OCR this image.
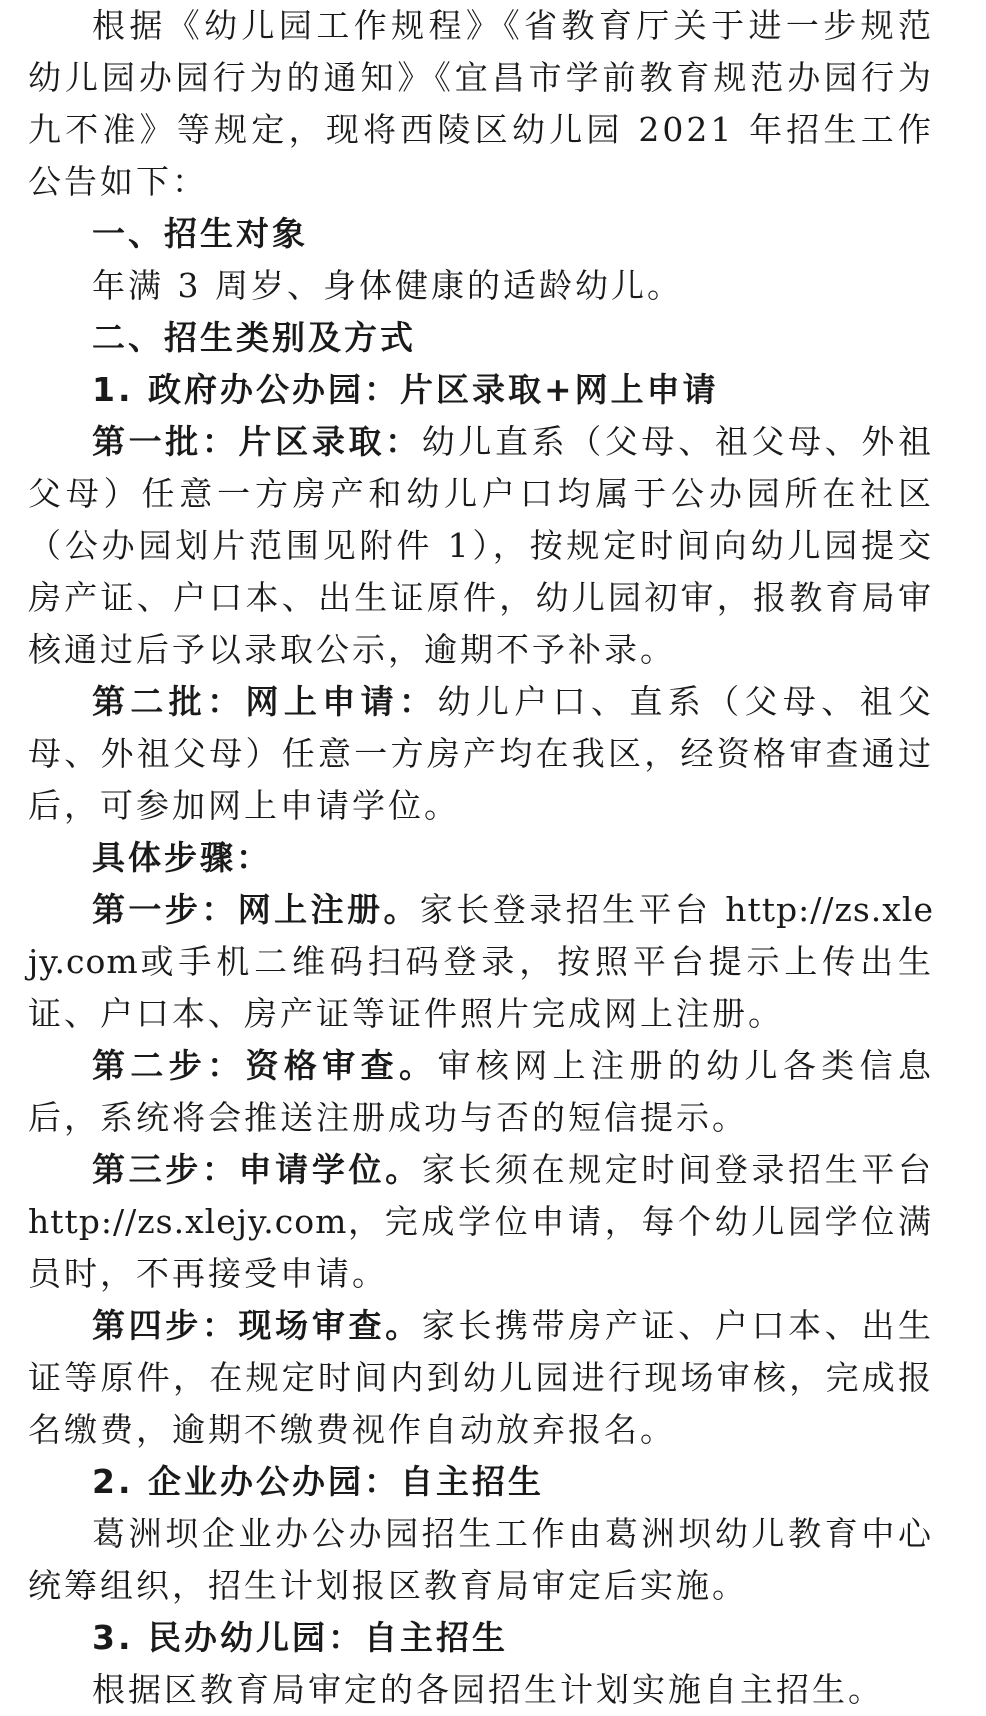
根据《幼儿园工作规程》《省教育厅关于进一步规范幼儿园办园行为的通知》《宜昌市学前教育规范办园行为九不准》等规定，现将西陵区幼儿园 2021 年招生工作公告如下：

一、招生对象

年满 3 周岁、身体健康的适龄幼儿。

二、招生类别及方式

1. 政府办公办园：片区录取+网上申请

第一批：片区录取：幼儿直系（父母、祖父母、外祖父母）任意一方房产和幼儿户口均属于公办园所在社区（公办园划片范围见附件 1），按规定时间向幼儿园提交房产证、户口本、出生证原件，幼儿园初审，报教育局审核通过后予以录取公示，逾期不予补录。

第二批：网上申请：幼儿户口、直系（父母、祖父母、外祖父母）任意一方房产均在我区，经资格审查通过后，可参加网上申请学位。

具体步骤：

第一步：网上注册。家长登录招生平台 http://zs.xlejy.com或手机二维码扫码登录，按照平台提示上传出生证、户口本、房产证等证件照片完成网上注册。

第二步：资格审查。审核网上注册的幼儿各类信息后，系统将会推送注册成功与否的短信提示。

第三步：申请学位。家长须在规定时间登录招生平台http://zs.xlejy.com，完成学位申请，每个幼儿园学位满员时，不再接受申请。

第四步：现场审查。家长携带房产证、户口本、出生证等原件，在规定时间内到幼儿园进行现场审核，完成报名缴费，逾期不缴费视作自动放弃报名。

2. 企业办公办园：自主招生

葛洲坝企业办公办园招生工作由葛洲坝幼儿教育中心统筹组织，招生计划报区教育局审定后实施。

3. 民办幼儿园：自主招生

根据区教育局审定的各园招生计划实施自主招生。
